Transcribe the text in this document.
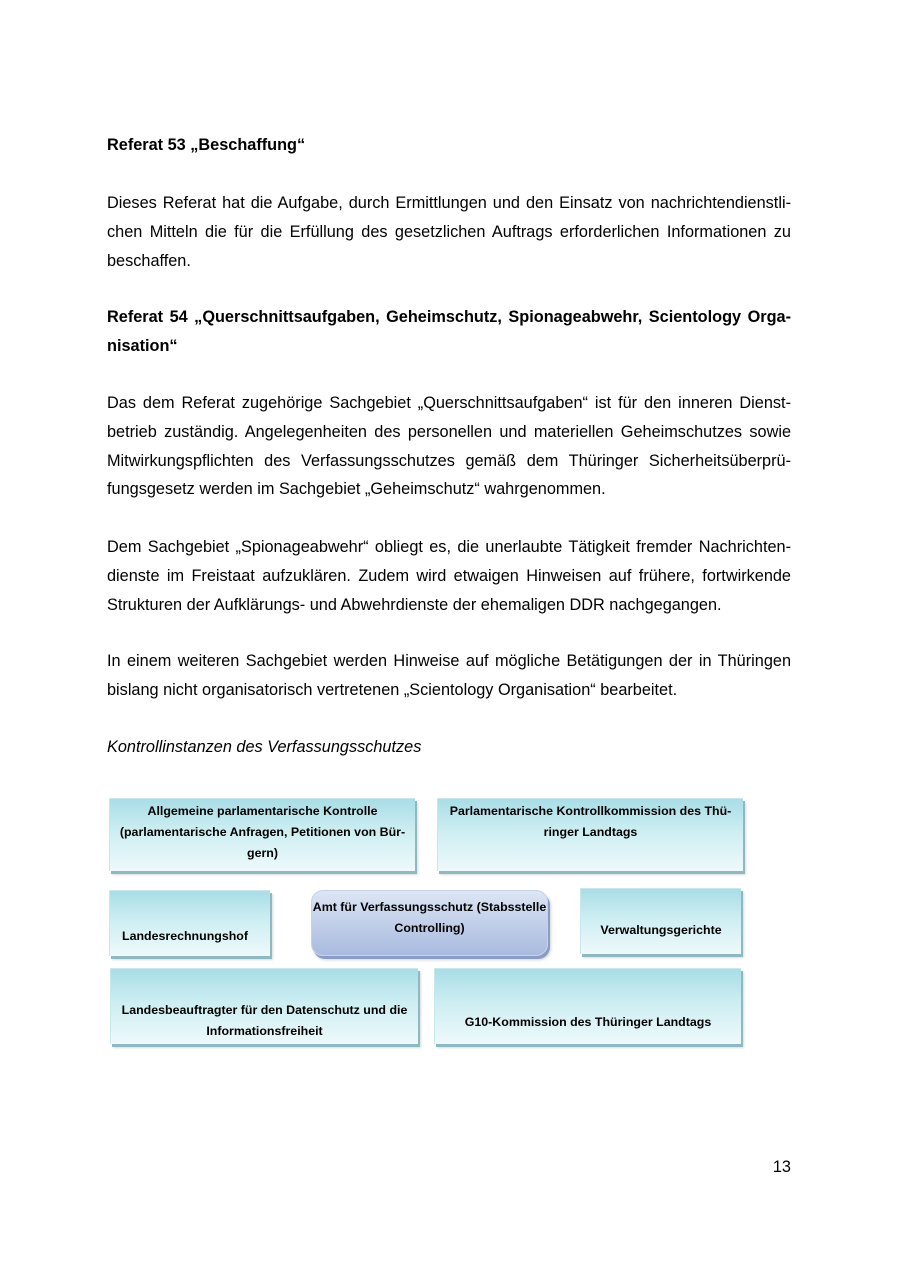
Referat 53 „Beschaffung“

Dieses Referat hat die Aufgabe, durch Ermittlungen und den Einsatz von nachrichtendienstlichen Mitteln die für die Erfüllung des gesetzlichen Auftrags erforderlichen Informationen zu beschaffen.

Referat 54 „Querschnittsaufgaben, Geheimschutz, Spionageabwehr, Scientology Organisation“

Das dem Referat zugehörige Sachgebiet „Querschnittsaufgaben“ ist für den inneren Dienstbetrieb zuständig. Angelegenheiten des personellen und materiellen Geheimschutzes sowie Mitwirkungspflichten des Verfassungsschutzes gemäß dem Thüringer Sicherheitsüberprüfungsgesetz werden im Sachgebiet „Geheimschutz“ wahrgenommen.

Dem Sachgebiet „Spionageabwehr“ obliegt es, die unerlaubte Tätigkeit fremder Nachrichtendienste im Freistaat aufzuklären. Zudem wird etwaigen Hinweisen auf frühere, fortwirkende Strukturen der Aufklärungs- und Abwehrdienste der ehemaligen DDR nachgegangen.

In einem weiteren Sachgebiet werden Hinweise auf mögliche Betätigungen der in Thüringen bislang nicht organisatorisch vertretenen „Scientology Organisation“ bearbeitet.

Kontrollinstanzen des Verfassungsschutzes

Allgemeine parlamentarische Kontrolle
(parlamentarische Anfragen, Petitionen von Bür-
gern)
Parlamentarische Kontrollkommission des Thü-
ringer Landtags
Landesrechnungshof
Amt für Verfassungsschutz (Stabsstelle Controlling)	Verwaltungsgerichte
Landesbeauftragter für den Datenschutz und die
Informationsfreiheit
G10-Kommission des Thüringer Landtags
13
